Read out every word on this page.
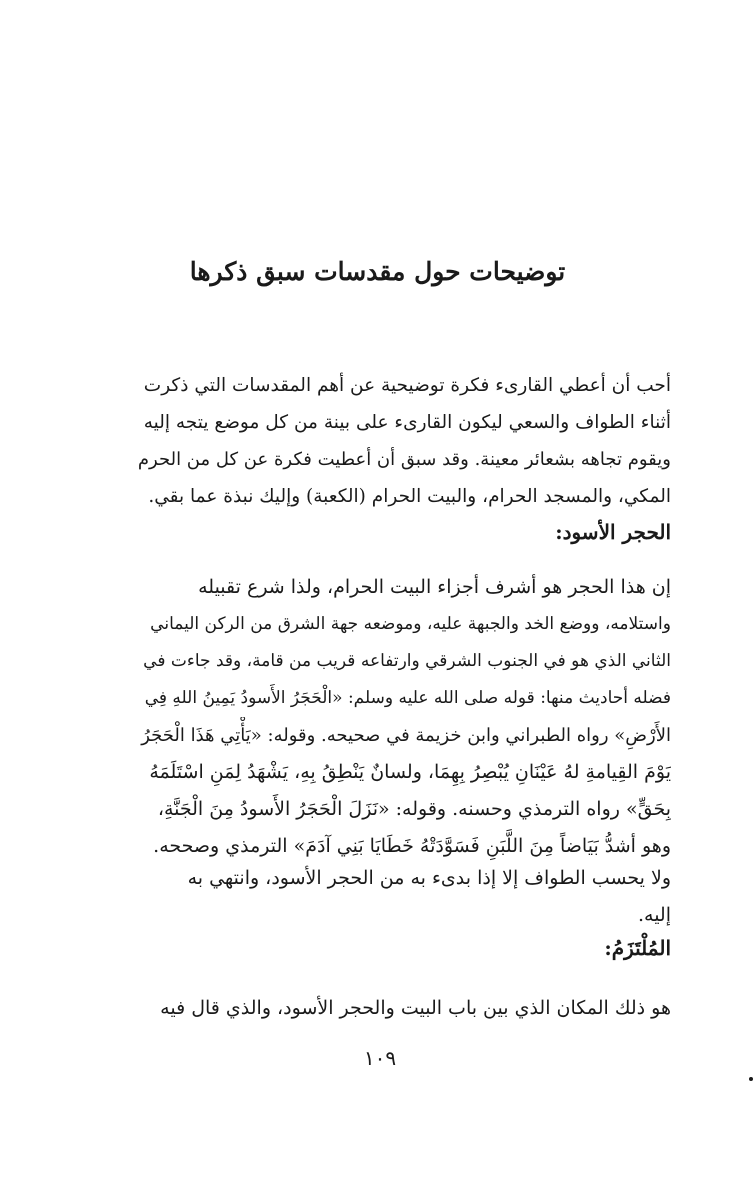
توضيحات حول مقدسات سبق ذكرها
أحب أن أعطي القارىء فكرة توضيحية عن أهم المقدسات التي ذكرت
أثناء الطواف والسعي ليكون القارىء على بينة من كل موضع يتجه إليه
ويقوم تجاهه بشعائر معينة. وقد سبق أن أعطيت فكرة عن كل من الحرم
المكي، والمسجد الحرام، والبيت الحرام (الكعبة) وإليك نبذة عما بقي.
الحجر الأسود:
إن هذا الحجر هو أشرف أجزاء البيت الحرام، ولذا شرع تقبيله
واستلامه، ووضع الخد والجبهة عليه، وموضعه جهة الشرق من الركن اليماني
الثاني الذي هو في الجنوب الشرقي وارتفاعه قريب من قامة، وقد جاءت في
فضله أحاديث منها: قوله صلى الله عليه وسلم: «الْحَجَرُ الأَسودُ يَمِينُ اللهِ فِي
الأَرْضِ» رواه الطبراني وابن خزيمة في صحيحه. وقوله: «يَأْتِي هَذَا الْحَجَرُ
يَوْمَ القِيامةِ لهُ عَيْنَانِ يُبْصِرُ بِهِمَا، ولسانٌ يَنْطِقُ بِهِ، يَشْهَدُ لِمَنِ اسْتَلَمَهُ
بِحَقٍّ» رواه الترمذي وحسنه. وقوله: «نَزَلَ الْحَجَرُ الأَسودُ مِنَ الْجَنَّةِ،
وهو أشدُّ بَيَاضاً مِنَ اللَّبَنِ فَسَوَّدَتْهُ خَطَايَا بَنِي آدَمَ» الترمذي وصححه.
ولا يحسب الطواف إلا إذا بدىء به من الحجر الأسود، وانتهي به
إليه.
المُلْتَزَمُ:
هو ذلك المكان الذي بين باب البيت والحجر الأسود، والذي قال فيه
١٠٩
